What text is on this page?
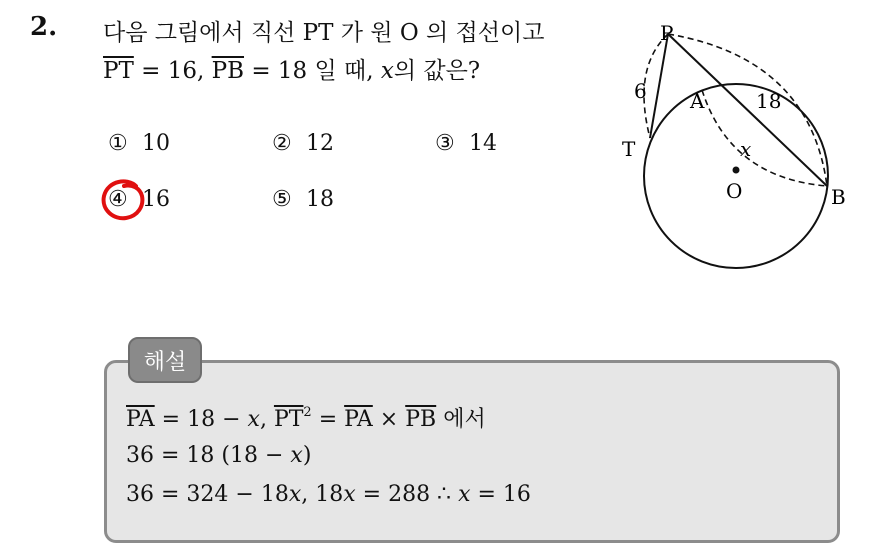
2. 다음 그림에서 직선 PT 가 원 O 의 접선이고
$\overline{PT} = 16$, $\overline{PB} = 18$ 일 때, x의 값은?
① 10	② 12	③ 14
④ 16	⑤ 18
P
A
T
O	B
x
6	18
해설
$\overline{PA} = 18 - x$, $\overline{PT}^2 = \overline{PA} \times \overline{PB}$ 에서
36 = 18 (18 − x)
36 = 324 − 18x, 18x = 288 ∴ x = 16
